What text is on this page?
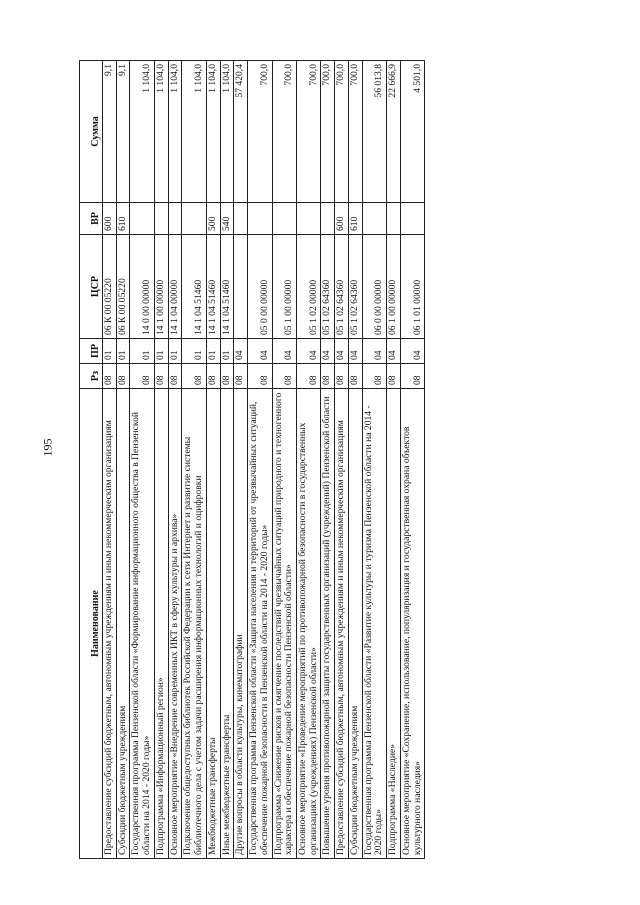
195
Наименование	Рз	ПР	ЦСР	ВР	Сумма
Предоставление субсидий бюджетным, автономным учреждениям и иным некоммерческим организациям	08	01	06 К 00 05220	600	9,1
Субсидии бюджетным учреждениям	08	01	06 К 00 05220	610	9,1
Государственная программа Пензенской области «Формирование информационного общества в Пензенской области на 2014 - 2020 годы»	08	01	14 0 00 00000		1 104,0
Подпрограмма «Информационный регион»	08	01	14 1 00 00000		1 104,0
Основное мероприятие «Внедрение современных ИКТ в сферу культуры и архива»	08	01	14 1 04 00000		1 104,0
Подключение общедоступных библиотек Российской Федерации к сети Интернет и развитие системы библиотечного дела с учетом задачи расширения информационных технологий и оцифровки	08	01	14 1 04 51460		1 104,0
Межбюджетные трансферты	08	01	14 1 04 51460	500	1 104,0
Иные межбюджетные трансферты	08	01	14 1 04 51460	540	1 104,0
Другие вопросы в области культуры, кинематографии	08	04			57 420,4
Государственная программа Пензенской области «Защита населения и территорий от чрезвычайных ситуаций, обеспечение пожарной безопасности в Пензенской области на 2014 - 2020 годы»	08	04	05 0 00 00000		700,0
Подпрограмма «Снижение рисков и смягчение последствий чрезвычайных ситуаций природного и техногенного характера и обеспечение пожарной безопасности Пензенской области»	08	04	05 1 00 00000		700,0
Основное мероприятие «Проведение мероприятий по противопожарной безопасности в государственных организациях (учреждениях) Пензенской области»	08	04	05 1 02 00000		700,0
Повышение уровня противопожарной защиты государственных организаций (учреждений) Пензенской области	08	04	05 1 02 64360		700,0
Предоставление субсидий бюджетным, автономным учреждениям и иным некоммерческим организациям	08	04	05 1 02 64360	600	700,0
Субсидии бюджетным учреждениям	08	04	05 1 02 64360	610	700,0
Государственная программа Пензенской области «Развитие культуры и туризма Пензенской области на 2014 - 2020 годы»	08	04	06 0 00 00000		56 013,8
Подпрограмма «Наследие»	08	04	06 1 00 00000		22 666,9
Основное мероприятие «Сохранение, использование, популяризация и государственная охрана объектов культурного наследия»	08	04	06 1 01 00000		4 501,0
